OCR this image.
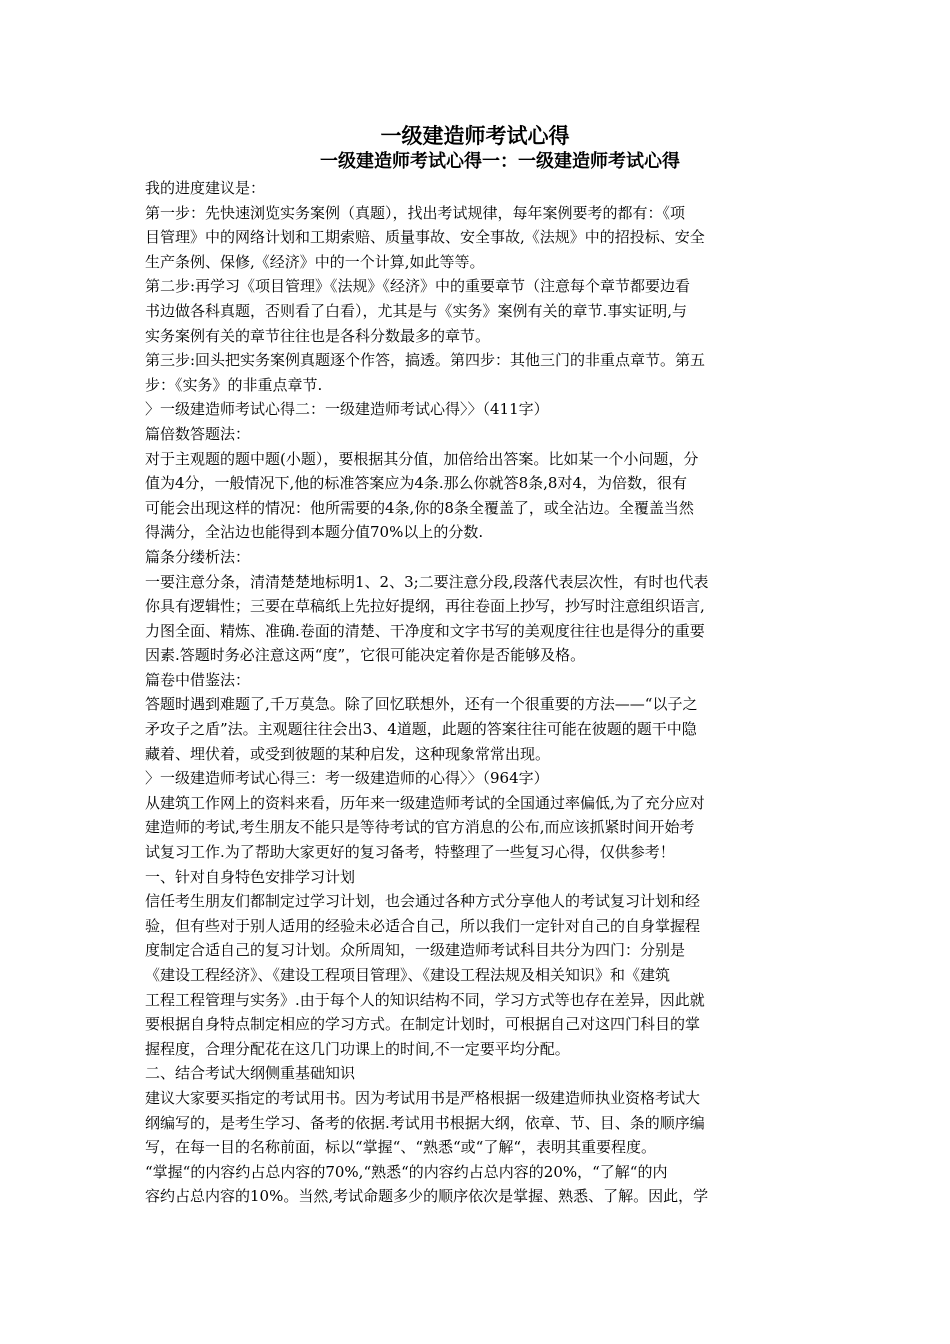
一级建造师考试心得
一级建造师考试心得一：一级建造师考试心得

我的进度建议是：

第一步：先快速浏览实务案例（真题），找出考试规律，每年案例要考的都有：《项

目管理》中的网络计划和工期索赔、质量事故、安全事故,《法规》中的招投标、安全

生产条例、保修,《经济》中的一个计算,如此等等。

第二步:再学习《项目管理》《法规》《经济》中的重要章节（注意每个章节都要边看

书边做各科真题，否则看了白看），尤其是与《实务》案例有关的章节.事实证明,与

实务案例有关的章节往往也是各科分数最多的章节。

第三步:回头把实务案例真题逐个作答，搞透。第四步：其他三门的非重点章节。第五

步：《实务》的非重点章节.

〉一级建造师考试心得二：一级建造师考试心得〉〉（411字）

篇倍数答题法：

对于主观题的题中题(小题），要根据其分值，加倍给出答案。比如某一个小问题，分

值为4分，一般情况下,他的标准答案应为4条.那么你就答8条,8对4，为倍数，很有

可能会出现这样的情况：他所需要的4条,你的8条全覆盖了，或全沾边。全覆盖当然

得满分，全沾边也能得到本题分值70%以上的分数.

篇条分缕析法：

一要注意分条，清清楚楚地标明1、2、3;二要注意分段,段落代表层次性，有时也代表

你具有逻辑性；三要在草稿纸上先拉好提纲，再往卷面上抄写，抄写时注意组织语言,

力图全面、精炼、准确.卷面的清楚、干净度和文字书写的美观度往往也是得分的重要

因素.答题时务必注意这两“度”，它很可能决定着你是否能够及格。

篇卷中借鉴法：

答题时遇到难题了,千万莫急。除了回忆联想外，还有一个很重要的方法——“以子之

矛攻子之盾”法。主观题往往会出3、4道题，此题的答案往往可能在彼题的题干中隐

藏着、埋伏着，或受到彼题的某种启发，这种现象常常出现。

〉一级建造师考试心得三：考一级建造师的心得〉〉（964字）

从建筑工作网上的资料来看，历年来一级建造师考试的全国通过率偏低,为了充分应对

建造师的考试,考生朋友不能只是等待考试的官方消息的公布,而应该抓紧时间开始考

试复习工作.为了帮助大家更好的复习备考，特整理了一些复习心得，仅供参考！

一、针对自身特色安排学习计划

信任考生朋友们都制定过学习计划，也会通过各种方式分享他人的考试复习计划和经

验，但有些对于别人适用的经验未必适合自己，所以我们一定针对自己的自身掌握程

度制定合适自己的复习计划。众所周知，一级建造师考试科目共分为四门：分别是

《建设工程经济》、《建设工程项目管理》、《建设工程法规及相关知识》和《建筑

工程工程管理与实务》.由于每个人的知识结构不同，学习方式等也存在差异，因此就

要根据自身特点制定相应的学习方式。在制定计划时，可根据自己对这四门科目的掌

握程度，合理分配花在这几门功课上的时间,不一定要平均分配。

二、结合考试大纲侧重基础知识

建议大家要买指定的考试用书。因为考试用书是严格根据一级建造师执业资格考试大

纲编写的，是考生学习、备考的依据.考试用书根据大纲，依章、节、目、条的顺序编

写，在每一目的名称前面，标以“掌握“、“熟悉“或“了解“，表明其重要程度。

“掌握“的内容约占总内容的70%,“熟悉“的内容约占总内容的20%，“了解“的内

容约占总内容的10%。当然,考试命题多少的顺序依次是掌握、熟悉、了解。因此，学
